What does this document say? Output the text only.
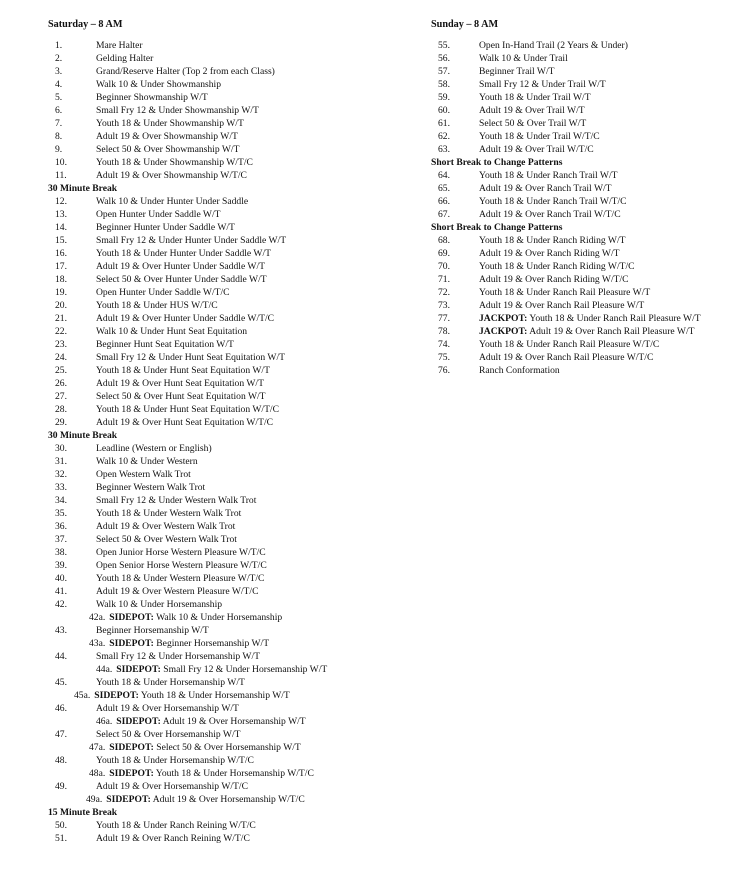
Saturday – 8 AM
1.	Mare Halter
2.	Gelding Halter
3.	Grand/Reserve Halter (Top 2 from each Class)
4.	Walk 10 & Under Showmanship
5.	Beginner Showmanship W/T
6.	Small Fry 12 & Under Showmanship W/T
7.	Youth 18 & Under Showmanship W/T
8.	Adult 19 & Over Showmanship W/T
9.	Select 50 & Over Showmanship W/T
10.	Youth 18 & Under Showmanship W/T/C
11.	Adult 19 & Over Showmanship W/T/C
30 Minute Break
12.	Walk 10 & Under Hunter Under Saddle
13.	Open Hunter Under Saddle W/T
14.	Beginner Hunter Under Saddle W/T
15.	Small Fry 12 & Under Hunter Under Saddle W/T
16.	Youth 18 & Under Hunter Under Saddle W/T
17.	Adult 19 & Over Hunter Under Saddle W/T
18.	Select 50 & Over Hunter Under Saddle W/T
19.	Open Hunter Under Saddle W/T/C
20.	Youth 18 & Under HUS W/T/C
21.	Adult 19 & Over Hunter Under Saddle W/T/C
22.	Walk 10 & Under Hunt Seat Equitation
23.	Beginner Hunt Seat Equitation W/T
24.	Small Fry 12 & Under Hunt Seat Equitation W/T
25.	Youth 18 & Under Hunt Seat Equitation W/T
26.	Adult 19 & Over Hunt Seat Equitation W/T
27.	Select 50 & Over Hunt Seat Equitation W/T
28.	Youth 18 & Under Hunt Seat Equitation W/T/C
29.	Adult 19 & Over Hunt Seat Equitation W/T/C
30 Minute Break
30.	Leadline (Western or English)
31.	Walk 10 & Under Western
32.	Open Western Walk Trot
33.	Beginner Western Walk Trot
34.	Small Fry 12 & Under Western Walk Trot
35.	Youth 18 & Under Western Walk Trot
36.	Adult 19 & Over Western Walk Trot
37.	Select 50 & Over Western Walk Trot
38.	Open Junior Horse Western Pleasure W/T/C
39.	Open Senior Horse Western Pleasure W/T/C
40.	Youth 18 & Under Western Pleasure W/T/C
41.	Adult 19 & Over Western Pleasure W/T/C
42.	Walk 10 & Under Horsemanship
42a. SIDEPOT: Walk 10 & Under Horsemanship
43.	Beginner Horsemanship W/T
43a. SIDEPOT: Beginner Horsemanship W/T
44.	Small Fry 12 & Under Horsemanship W/T
44a. SIDEPOT: Small Fry 12 & Under Horsemanship W/T
45.	Youth 18 & Under Horsemanship W/T
45a. SIDEPOT: Youth 18 & Under Horsemanship W/T
46.	Adult 19 & Over Horsemanship W/T
46a. SIDEPOT: Adult 19 & Over Horsemanship W/T
47.	Select 50 & Over Horsemanship W/T
47a. SIDEPOT: Select 50 & Over Horsemanship W/T
48.	Youth 18 & Under Horsemanship W/T/C
48a. SIDEPOT: Youth 18 & Under Horsemanship W/T/C
49.	Adult 19 & Over Horsemanship W/T/C
49a. SIDEPOT: Adult 19 & Over Horsemanship W/T/C
15 Minute Break
50.	Youth 18 & Under Ranch Reining W/T/C
51.	Adult 19 & Over Ranch Reining W/T/C
Sunday – 8 AM
55.	Open In-Hand Trail (2 Years & Under)
56.	Walk 10 & Under Trail
57.	Beginner Trail W/T
58.	Small Fry 12 & Under Trail W/T
59.	Youth 18 & Under Trail W/T
60.	Adult 19 & Over Trail W/T
61.	Select 50 & Over Trail W/T
62.	Youth 18 & Under Trail W/T/C
63.	Adult 19 & Over Trail W/T/C
Short Break to Change Patterns
64.	Youth 18 & Under Ranch Trail W/T
65.	Adult 19 & Over Ranch Trail W/T
66.	Youth 18 & Under Ranch Trail W/T/C
67.	Adult 19 & Over Ranch Trail W/T/C
Short Break to Change Patterns
68.	Youth 18 & Under Ranch Riding W/T
69.	Adult 19 & Over Ranch Riding W/T
70.	Youth 18 & Under Ranch Riding W/T/C
71.	Adult 19 & Over Ranch Riding W/T/C
72.	Youth 18 & Under Ranch Rail Pleasure W/T
73.	Adult 19 & Over Ranch Rail Pleasure W/T
77.	JACKPOT: Youth 18 & Under Ranch Rail Pleasure W/T
78.	JACKPOT: Adult 19 & Over Ranch Rail Pleasure W/T
74.	Youth 18 & Under Ranch Rail Pleasure W/T/C
75.	Adult 19 & Over Ranch Rail Pleasure W/T/C
76.	Ranch Conformation
